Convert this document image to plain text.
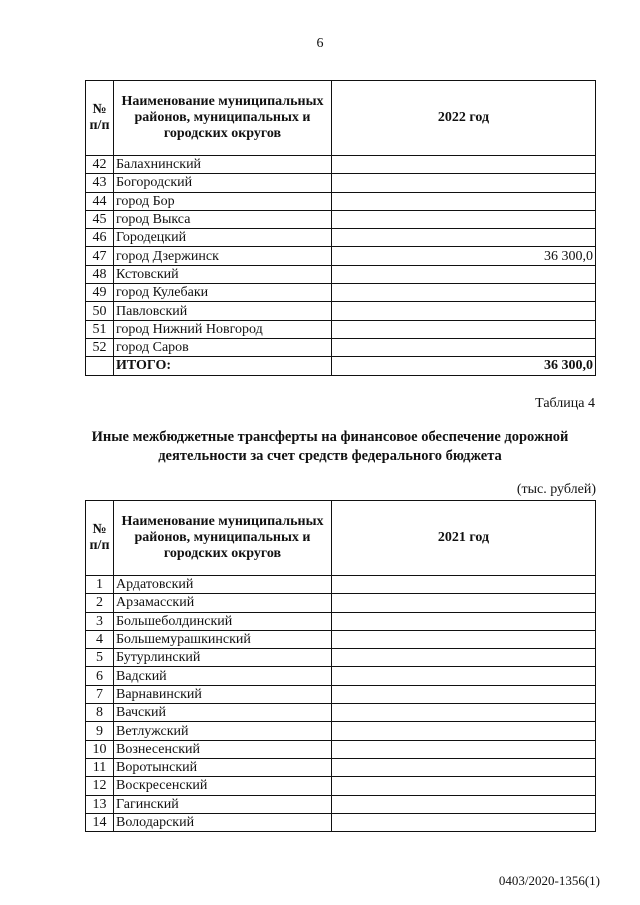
6
№ п/п	Наименование муниципальных районов, муниципальных и городских округов	2022 год
42	Балахнинский	
43	Богородский	
44	город Бор	
45	город Выкса	
46	Городецкий	
47	город Дзержинск	36 300,0
48	Кстовский	
49	город Кулебаки	
50	Павловский	
51	город Нижний Новгород	
52	город Саров	
	ИТОГО:	36 300,0
Таблица 4
Иные межбюджетные трансферты на финансовое обеспечение дорожной деятельности за счет средств федерального бюджета
(тыс. рублей)
№ п/п	Наименование муниципальных районов, муниципальных и городских округов	2021 год
1	Ардатовский	
2	Арзамасский	
3	Большеболдинский	
4	Большемурашкинский	
5	Бутурлинский	
6	Вадский	
7	Варнавинский	
8	Вачский	
9	Ветлужский	
10	Вознесенский	
11	Воротынский	
12	Воскресенский	
13	Гагинский	
14	Володарский	
0403/2020-1356(1)
